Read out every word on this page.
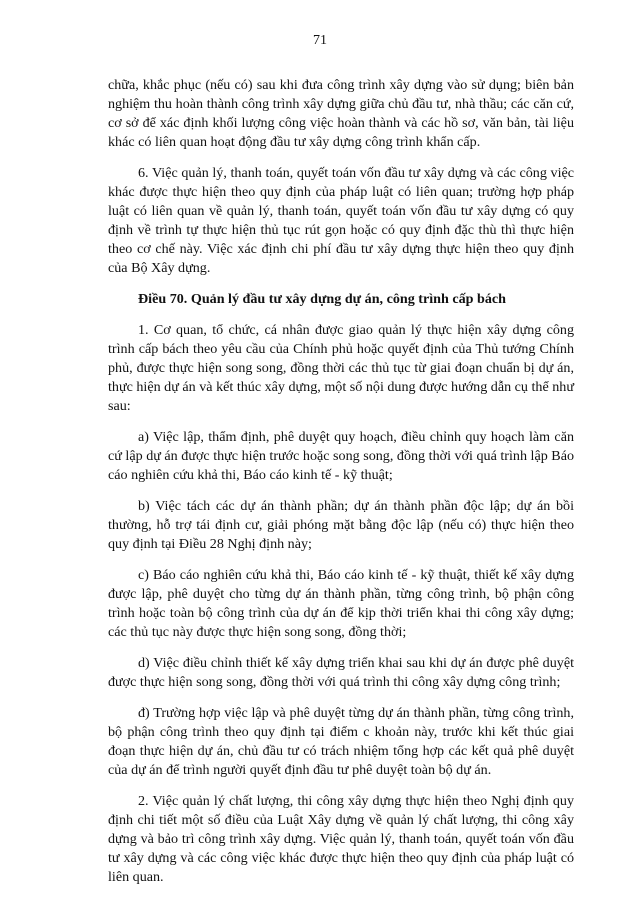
71

chữa, khắc phục (nếu có) sau khi đưa công trình xây dựng vào sử dụng; biên bản nghiệm thu hoàn thành công trình xây dựng giữa chủ đầu tư, nhà thầu; các căn cứ, cơ sở để xác định khối lượng công việc hoàn thành và các hồ sơ, văn bản, tài liệu khác có liên quan hoạt động đầu tư xây dựng công trình khẩn cấp.

6. Việc quản lý, thanh toán, quyết toán vốn đầu tư xây dựng và các công việc khác được thực hiện theo quy định của pháp luật có liên quan; trường hợp pháp luật có liên quan về quản lý, thanh toán, quyết toán vốn đầu tư xây dựng có quy định về trình tự thực hiện thủ tục rút gọn hoặc có quy định đặc thù thì thực hiện theo cơ chế này. Việc xác định chi phí đầu tư xây dựng thực hiện theo quy định của Bộ Xây dựng.

Điều 70. Quản lý đầu tư xây dựng dự án, công trình cấp bách

1. Cơ quan, tổ chức, cá nhân được giao quản lý thực hiện xây dựng công trình cấp bách theo yêu cầu của Chính phủ hoặc quyết định của Thủ tướng Chính phủ, được thực hiện song song, đồng thời các thủ tục từ giai đoạn chuẩn bị dự án, thực hiện dự án và kết thúc xây dựng, một số nội dung được hướng dẫn cụ thể như sau:

a) Việc lập, thẩm định, phê duyệt quy hoạch, điều chỉnh quy hoạch làm căn cứ lập dự án được thực hiện trước hoặc song song, đồng thời với quá trình lập Báo cáo nghiên cứu khả thi, Báo cáo kinh tế - kỹ thuật;

b) Việc tách các dự án thành phần; dự án thành phần độc lập; dự án bồi thường, hỗ trợ tái định cư, giải phóng mặt bằng độc lập (nếu có) thực hiện theo quy định tại Điều 28 Nghị định này;

c) Báo cáo nghiên cứu khả thi, Báo cáo kinh tế - kỹ thuật, thiết kế xây dựng được lập, phê duyệt cho từng dự án thành phần, từng công trình, bộ phận công trình hoặc toàn bộ công trình của dự án để kịp thời triển khai thi công xây dựng; các thủ tục này được thực hiện song song, đồng thời;

d) Việc điều chỉnh thiết kế xây dựng triển khai sau khi dự án được phê duyệt được thực hiện song song, đồng thời với quá trình thi công xây dựng công trình;

đ) Trường hợp việc lập và phê duyệt từng dự án thành phần, từng công trình, bộ phận công trình theo quy định tại điểm c khoản này, trước khi kết thúc giai đoạn thực hiện dự án, chủ đầu tư có trách nhiệm tổng hợp các kết quả phê duyệt của dự án để trình người quyết định đầu tư phê duyệt toàn bộ dự án.

2. Việc quản lý chất lượng, thi công xây dựng thực hiện theo Nghị định quy định chi tiết một số điều của Luật Xây dựng về quản lý chất lượng, thi công xây dựng và bảo trì công trình xây dựng. Việc quản lý, thanh toán, quyết toán vốn đầu tư xây dựng và các công việc khác được thực hiện theo quy định của pháp luật có liên quan.
